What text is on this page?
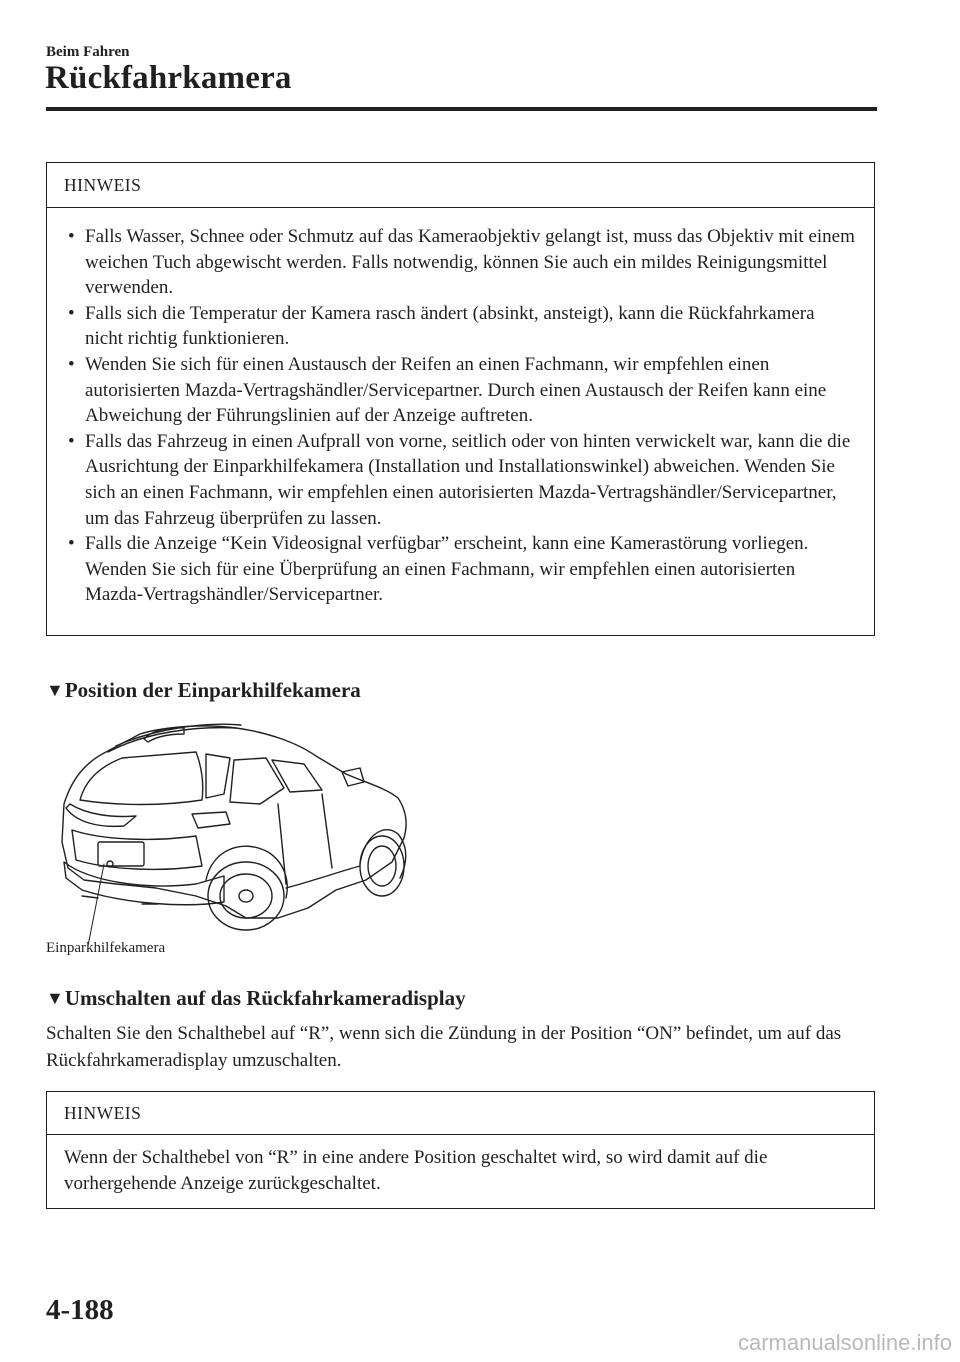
Beim Fahren
Rückfahrkamera
HINWEIS
• Falls Wasser, Schnee oder Schmutz auf das Kameraobjektiv gelangt ist, muss das Objektiv mit einem weichen Tuch abgewischt werden. Falls notwendig, können Sie auch ein mildes Reinigungsmittel verwenden.
• Falls sich die Temperatur der Kamera rasch ändert (absinkt, ansteigt), kann die Rückfahrkamera nicht richtig funktionieren.
• Wenden Sie sich für einen Austausch der Reifen an einen Fachmann, wir empfehlen einen autorisierten Mazda-Vertragshändler/Servicepartner. Durch einen Austausch der Reifen kann eine Abweichung der Führungslinien auf der Anzeige auftreten.
• Falls das Fahrzeug in einen Aufprall von vorne, seitlich oder von hinten verwickelt war, kann die die Ausrichtung der Einparkhilfekamera (Installation und Installationswinkel) abweichen. Wenden Sie sich an einen Fachmann, wir empfehlen einen autorisierten Mazda-Vertragshändler/Servicepartner, um das Fahrzeug überprüfen zu lassen.
• Falls die Anzeige “Kein Videosignal verfügbar” erscheint, kann eine Kamerastörung vorliegen. Wenden Sie sich für eine Überprüfung an einen Fachmann, wir empfehlen einen autorisierten Mazda-Vertragshändler/Servicepartner.
▼Position der Einparkhilfekamera
Einparkhilfekamera
▼Umschalten auf das Rückfahrkameradisplay

Schalten Sie den Schalthebel auf “R”, wenn sich die Zündung in der Position “ON” befindet, um auf das Rückfahrkameradisplay umzuschalten.

HINWEIS

Wenn der Schalthebel von “R” in eine andere Position geschaltet wird, so wird damit auf die vorhergehende Anzeige zurückgeschaltet.

4-188
carmanualsonline.info
